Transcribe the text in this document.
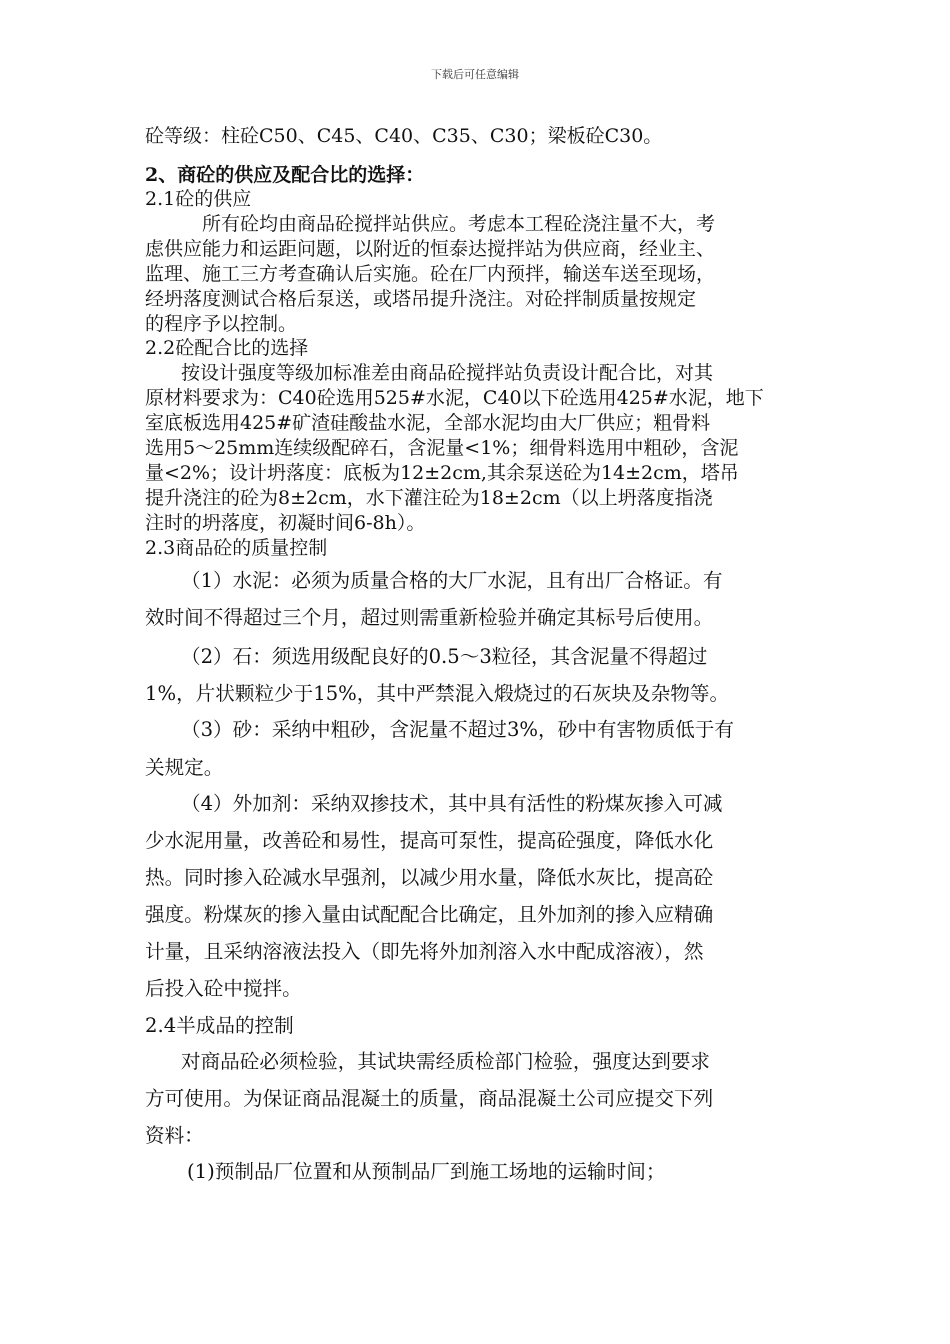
下载后可任意编辑
砼等级：柱砼C50、C45、C40、C35、C30；梁板砼C30。
2、商砼的供应及配合比的选择：
2.1砼的供应
所有砼均由商品砼搅拌站供应。考虑本工程砼浇注量不大，考
虑供应能力和运距问题，以附近的恒泰达搅拌站为供应商，经业主、
监理、施工三方考查确认后实施。砼在厂内预拌，输送车送至现场，
经坍落度测试合格后泵送，或塔吊提升浇注。对砼拌制质量按规定
的程序予以控制。
2.2砼配合比的选择
按设计强度等级加标准差由商品砼搅拌站负责设计配合比，对其
原材料要求为：C40砼选用525#水泥，C40以下砼选用425#水泥，地下
室底板选用425#矿渣硅酸盐水泥，全部水泥均由大厂供应；粗骨料
选用5～25mm连续级配碎石，含泥量<1%；细骨料选用中粗砂，含泥
量<2%；设计坍落度：底板为12±2cm,其余泵送砼为14±2cm，塔吊
提升浇注的砼为8±2cm，水下灌注砼为18±2cm（以上坍落度指浇
注时的坍落度，初凝时间6-8h）。
2.3商品砼的质量控制
（1）水泥：必须为质量合格的大厂水泥，且有出厂合格证。有
效时间不得超过三个月，超过则需重新检验并确定其标号后使用。
（2）石：须选用级配良好的0.5～3粒径，其含泥量不得超过
1%，片状颗粒少于15%，其中严禁混入煅烧过的石灰块及杂物等。
（3）砂：采纳中粗砂，含泥量不超过3%，砂中有害物质低于有
关规定。
（4）外加剂：采纳双掺技术，其中具有活性的粉煤灰掺入可减
少水泥用量，改善砼和易性，提高可泵性，提高砼强度，降低水化
热。同时掺入砼减水早强剂，以减少用水量，降低水灰比，提高砼
强度。粉煤灰的掺入量由试配配合比确定，且外加剂的掺入应精确
计量，且采纳溶液法投入（即先将外加剂溶入水中配成溶液），然
后投入砼中搅拌。
2.4半成品的控制
对商品砼必须检验，其试块需经质检部门检验，强度达到要求
方可使用。为保证商品混凝土的质量，商品混凝土公司应提交下列
资料：
(1)预制品厂位置和从预制品厂到施工场地的运输时间；
